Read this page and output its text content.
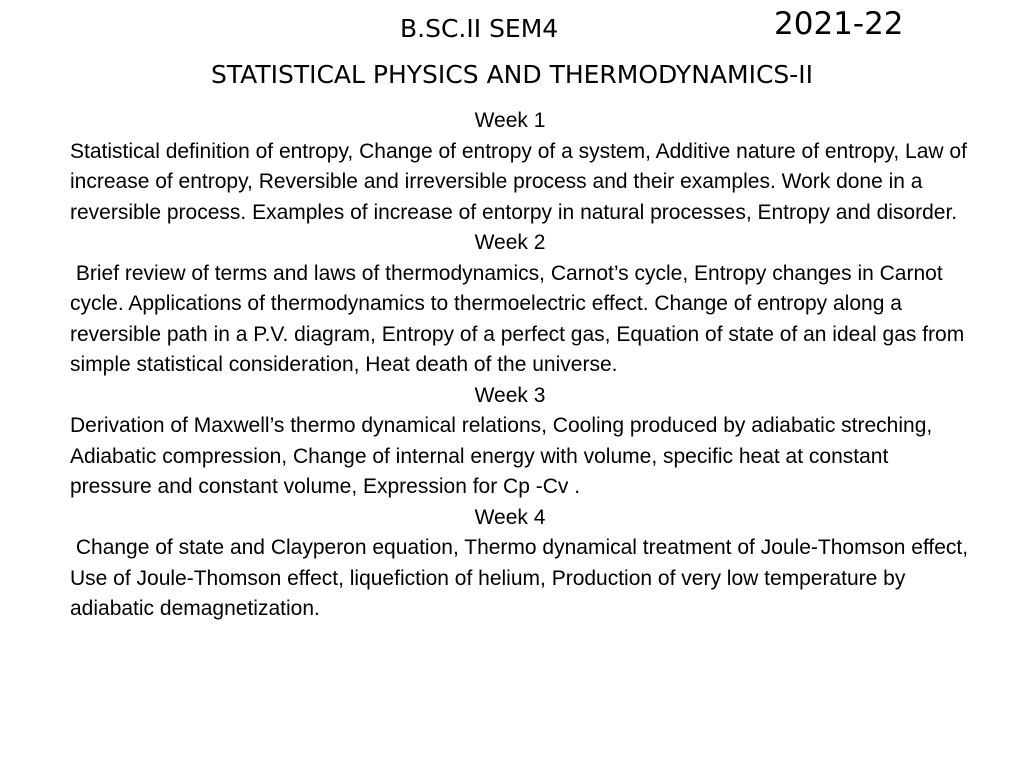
B.SC.II SEM4	2021-22
STATISTICAL PHYSICS AND THERMODYNAMICS-II

Week 1

Statistical definition of entropy, Change of entropy of a system, Additive nature of entropy, Law of increase of entropy, Reversible and irreversible process and their examples. Work done in a reversible process. Examples of increase of entorpy in natural processes, Entropy and disorder.

Week 2

Brief review of terms and laws of thermodynamics, Carnot’s cycle, Entropy changes in Carnot cycle. Applications of thermodynamics to thermoelectric effect. Change of entropy along a reversible path in a P.V. diagram, Entropy of a perfect gas, Equation of state of an ideal gas from simple statistical consideration, Heat death of the universe.

Week 3

Derivation of Maxwell’s thermo dynamical relations, Cooling produced by adiabatic streching, Adiabatic compression, Change of internal energy with volume, specific heat at constant pressure and constant volume, Expression for Cp -Cv .

Week 4

Change of state and Clayperon equation, Thermo dynamical treatment of Joule-Thomson effect, Use of Joule-Thomson effect, liquefiction of helium, Production of very low temperature by adiabatic demagnetization.
